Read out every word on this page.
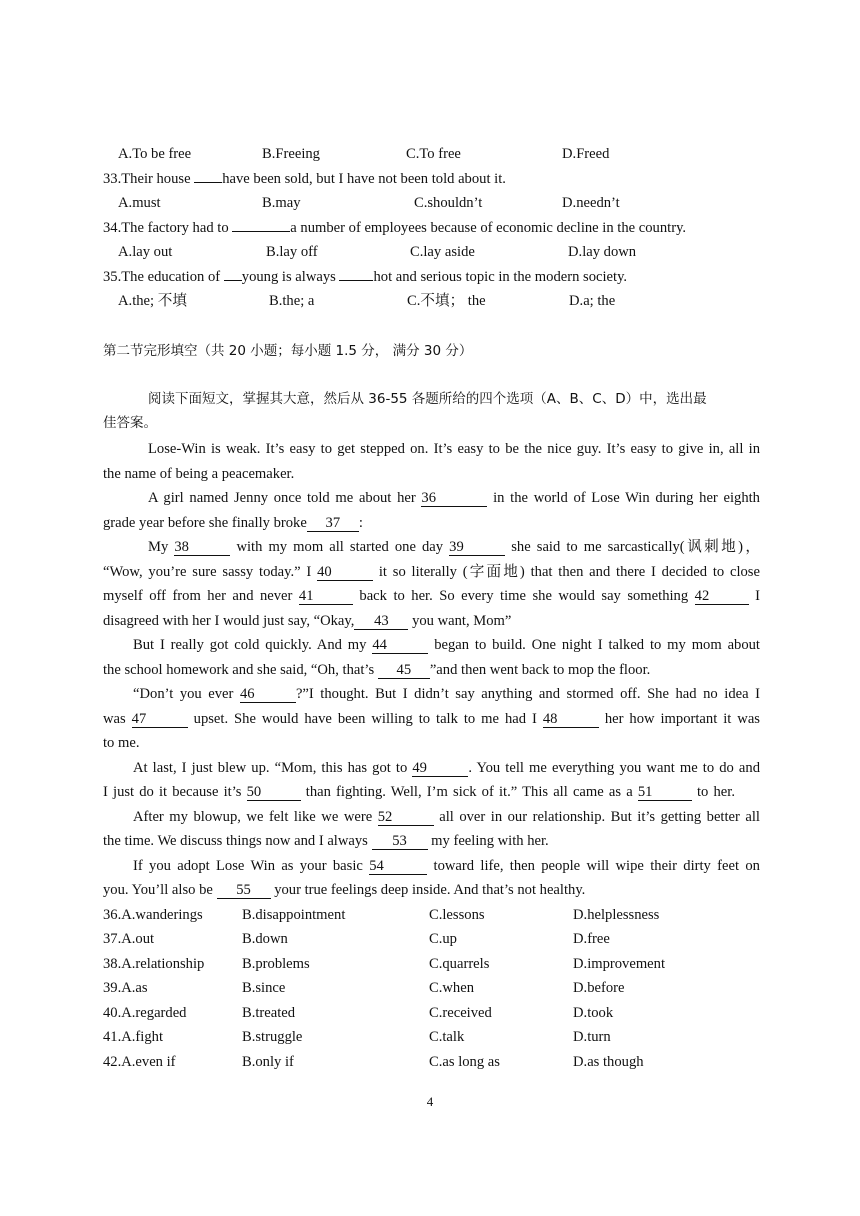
A.To be free	B.Freeing	C.To free	D.Freed
33.Their house have been sold, but I have not been told about it.
A.must	B.may	C.shouldn’t	D.needn’t
34.The factory had to	a number of employees because of economic decline in the country.
A.lay out	B.lay off	C.lay aside	D.lay down
35.The education of young is always	hot and serious topic in the modern society.
A.the; 不填	B.the; a	C.不填； the	D.a; the
第二节完形填空（共 20 小题；每小题 1.5 分， 满分 30 分）
阅读下面短文，掌握其大意，然后从 36-55 各题所给的四个选项（A、B、C、D）中，选出最
佳答案。
Lose-Win is weak. It’s easy to get stepped on. It’s easy to be the nice guy. It’s easy to give in, all in
the name of being a peacemaker.
A girl named Jenny once told me about her 36	in the world of Lose Win during her eighth
grade year before she finally broke 37 :
My 38	with my mom all started one day 39	she said to me sarcastically(讽刺地)，
“Wow, you’re sure sassy today.” I 40	it so literally (字面地) that then and there I decided to close
myself off from her and never 41	back to her. So every time she would say something 42	I
disagreed with her I would just say, “Okay, 43 you want, Mom”
But I really got cold quickly. And my 44	began to build. One night I talked to my mom about
the school homework and she said, “Oh, that’s 45 ”and then went back to mop the floor.
“Don’t you ever 46	?”I thought. But I didn’t say anything and stormed off. She had no idea I
was 47	upset. She would have been willing to talk to me had I 48	her how important it was
to me.
At last, I just blew up. “Mom, this has got to 49	. You tell me everything you want me to do and
I just do it because it’s 50	than fighting. Well, I’m sick of it.” This all came as a 51	to her.
After my blowup, we felt like we were 52	all over in our relationship. But it’s getting better all
the time. We discuss things now and I always 53 my feeling with her.
If you adopt Lose Win as your basic 54	toward life, then people will wipe their dirty feet on
you. You’ll also be 55 your true feelings deep inside. And that’s not healthy.
36.A.wanderings	B.disappointment	C.lessons	D.helplessness
37.A.out	B.down	C.up	D.free
38.A.relationship	B.problems	C.quarrels	D.improvement
39.A.as	B.since	C.when	D.before
40.A.regarded	B.treated	C.received	D.took
41.A.fight	B.struggle	C.talk	D.turn
42.A.even if	B.only if	C.as long as	D.as though
4
